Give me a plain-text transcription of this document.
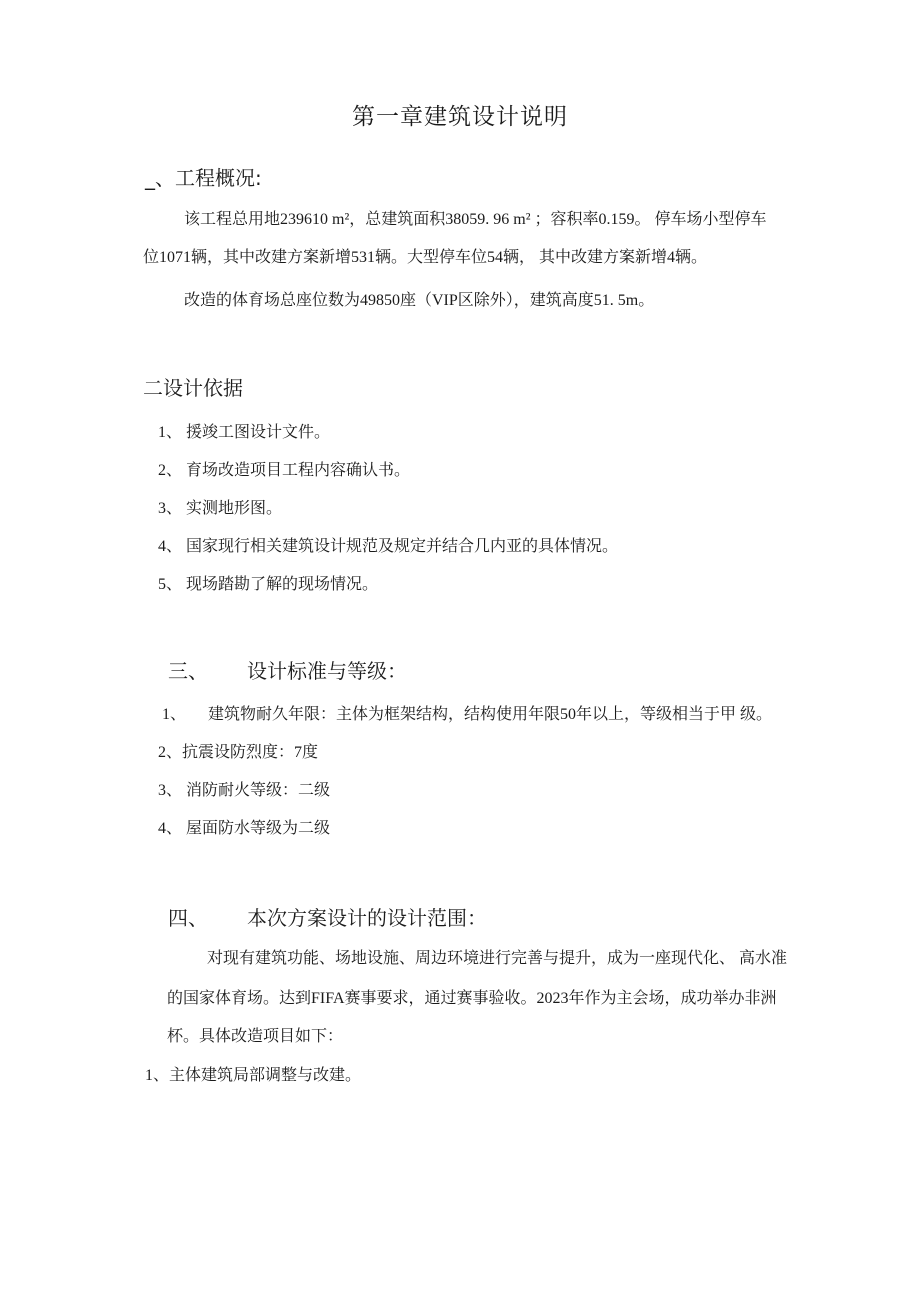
第一章建筑设计说明
_、工程概况:
该工程总用地239610 m²，总建筑面积38059. 96 m² ；容积率0.159。 停车场小型停车
位1071辆，其中改建方案新增531辆。大型停车位54辆， 其中改建方案新增4辆。
改造的体育场总座位数为49850座（VIP区除外），建筑高度51. 5m。
二设计依据
1、 援竣工图设计文件。
2、 育场改造项目工程内容确认书。
3、 实测地形图。
4、 国家现行相关建筑设计规范及规定并结合几内亚的具体情况。
5、 现场踏勘了解的现场情况。
三、 设计标准与等级：
1、 建筑物耐久年限：主体为框架结构，结构使用年限50年以上，等级相当于甲 级。
2、抗震设防烈度：7度
3、 消防耐火等级：二级
4、 屋面防水等级为二级
四、 本次方案设计的设计范围：
对现有建筑功能、场地设施、周边环境进行完善与提升，成为一座现代化、 高水准
的国家体育场。达到FIFA赛事要求，通过赛事验收。2023年作为主会场，成功举办非洲
杯。具体改造项目如下：
1、主体建筑局部调整与改建。
